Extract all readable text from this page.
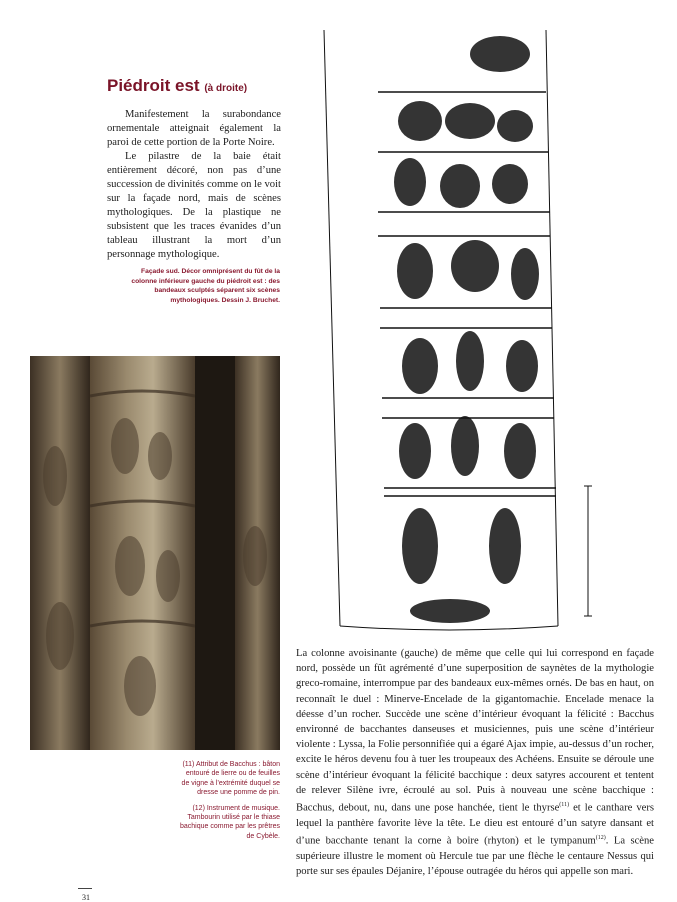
Piédroit est (à droite)

Manifestement la surabondance ornementale atteignait également la paroi de cette portion de la Porte Noire.

Le pilastre de la baie était entièrement décoré, non pas d’une succession de divinités comme on le voit sur la façade nord, mais de scènes mythologiques. De la plastique ne subsistent que les traces évanides d’un tableau illustrant la mort d’un personnage mythologique.

Façade sud. Décor omniprésent du fût de la colonne inférieure gauche du piédroit est : des bandeaux sculptés séparent six scènes mythologiques. Dessin J. Bruchet.

(11) Attribut de Bacchus : bâton entouré de lierre ou de feuilles de vigne à l’extrémité duquel se dresse une pomme de pin.

(12) Instrument de musique. Tambourin utilisé par le thiase bachique comme par les prêtres de Cybèle.

La colonne avoisinante (gauche) de même que celle qui lui correspond en façade nord, possède un fût agrémenté d’une superposition de saynètes de la mythologie greco-romaine, interrompue par des bandeaux eux-mêmes ornés. De bas en haut, on reconnaît le duel : Minerve-Encelade de la gigantomachie. Encelade menace la déesse d’un rocher. Succède une scène d’intérieur évoquant la félicité : Bacchus environné de bacchantes danseuses et musiciennes, puis une scène d’intérieur violente : Lyssa, la Folie personnifiée qui a égaré Ajax impie, au-dessus d’un rocher, excite le héros devenu fou à tuer les troupeaux des Achéens. Ensuite se déroule une scène d’intérieur évoquant la félicité bacchique : deux satyres accourent et tentent de relever Silène ivre, écroulé au sol. Puis à nouveau une scène bacchique : Bacchus, debout, nu, dans une pose hanchée, tient le thyrse$^{(11)}$ et le canthare vers lequel la panthère favorite lève la tête. Le dieu est entouré d’un satyre dansant et d’une bacchante tenant la corne à boire (rhyton) et le tympanum$^{(12)}$. La scène supérieure illustre le moment où Hercule tue par une flèche le centaure Nessus qui porte sur ses épaules Déjanire, l’épouse outragée du héros qui appelle son mari.

31
